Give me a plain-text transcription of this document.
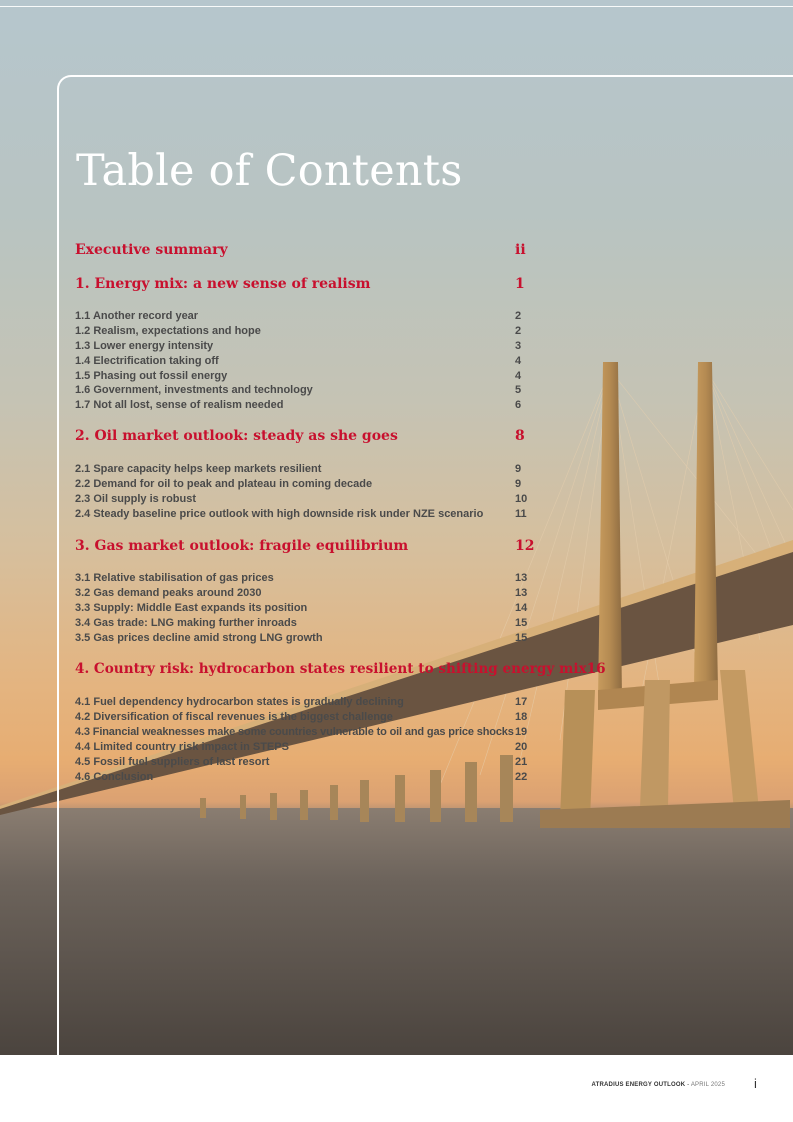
Table of Contents
Executive summary	ii
1. Energy mix: a new sense of realism	1
1.1 Another record year	2
1.2 Realism, expectations and hope	2
1.3 Lower energy intensity	3
1.4 Electrification taking off	4
1.5 Phasing out fossil energy	4
1.6 Government, investments and technology	5
1.7 Not all lost, sense of realism needed	6
2. Oil market outlook: steady as she goes	8
2.1 Spare capacity helps keep markets resilient	9
2.2 Demand for oil to peak and plateau in coming decade	9
2.3 Oil supply is robust	10
2.4 Steady baseline price outlook with high downside risk under NZE scenario	11
3. Gas market outlook: fragile equilibrium	12
3.1 Relative stabilisation of gas prices	13
3.2 Gas demand peaks around 2030	13
3.3 Supply: Middle East expands its position	14
3.4 Gas trade: LNG making further inroads	15
3.5 Gas prices decline amid strong LNG growth	15
4. Country risk: hydrocarbon states resilient to shifting energy mix 16
4.1 Fuel dependency hydrocarbon states is gradually declining	17
4.2 Diversification of fiscal revenues is the biggest challenge	18
4.3 Financial weaknesses make some countries vulnerable to oil and gas price shocks 19
4.4 Limited country risk impact in STEPS	20
4.5 Fossil fuel suppliers of last resort	21
4.6 Conclusion	22
ATRADIUS ENERGY OUTLOOK - APRIL 2025 i
